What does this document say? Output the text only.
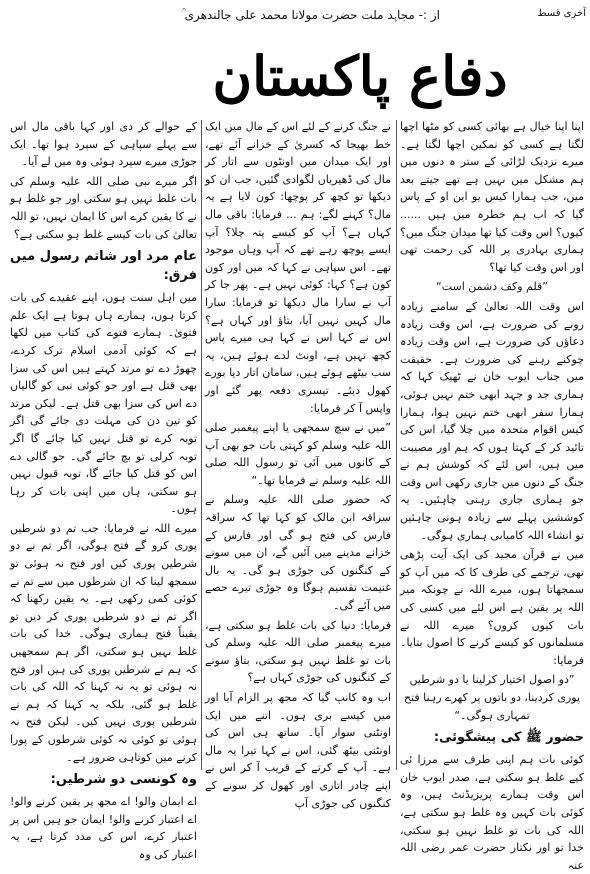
از :- مجاہد ملت حضرت مولانا محمد علی جالندھری ؒ	آخری قسط
دفاع پاکستان

اپنا اپنا خیال ہے بھائی کسی کو مٹھا اچھا لگتا ہے کسی کو نمکین اچھا لگتا ہے۔ میرے نزدیک لڑائی کے ستر ہ دنوں میں ہم مشکل میں نہیں ہے تھے جیتے بعد میں، جب ہمارا کیس یو این او کے پاس گیا کہ اب ہم خطرہ میں ہیں ...... کیوں؟ اس وقت کیا تھا میدان جنگ میں؟ ہماری بہادری پر اللہ کی رحمت تھی اور اس وقت کیا تھا؟

”قلم وکف دشمن است“

اس وقت اللہ تعالیٰ کے سامنے زیادہ رونے کی ضرورت ہے، اس وقت زیادہ دعاؤں کی ضرورت ہے، اس وقت زیادہ چوکنے رہنے کی ضرورت ہے۔ حقیقت میں جناب ایوب خان نے ٹھیک کہا کہ ہماری جد و جہد ابھی ختم نہیں ہوئی، ہمارا سفر ابھی ختم نہیں ہوا، ہمارا کیس اقوام متحدہ میں چلا گیا، اس کی تائید کر کے کہتا ہوں کہ ہم اور مصیبت میں ہیں، اس لئے کہ کوشش ہم نے جنگ کے دنوں میں جاری رکھی اس وقت جو ہماری جاری رہنی چاہئیں۔ یہ کوششیں پہلے سے زیادہ ہونی چاہئیں تو انشاء اللہ کامیابی ہماری ہوگی۔

میں نے قرآن مجید کی ایک آیت پڑھی تھی، ترجمے کی طرف کا کہ میں آپ کو سمجھاتا ہوں، میرے اللہ نے چونکہ میر اللہ پر یقین ہے اس لئے میں کسی کی بات کیوں کروں؟ میرے اللہ نے مسلمانوں کو کیسے کرنے کا اصول بتایا۔ فرمایا:

”دو اصول اختیار کرلینا یا دو شرطیں پوری کردینا، دو باتوں پر کھرے رہنا فتح تمہاری ہوگی۔“

حضور ﷺ کی پیشگوئی:

کوئی بات ہم اپنی طرف سے مرزا ئی کیے غلط ہو سکتی ہے، صدر ایوب خان اس وقت ہمارے پریزیڈنٹ ہیں، وہ کوئی بات کہیں وہ غلط ہو سکتی ہے، اللہ کی بات تو غلط نہیں ہو سکتی، خدا تو اور نکتار حضرت عمر رضی اللہ عنہ

نے جنگ کرنے کے لئے اس کے مال میں ایک خط بھیجا کہ کسریٰ کے خزانے آئے تھے، اور ایک میدان میں اونٹوں سے اتار کر مال کی ڈھیریاں لگوادی گئیں، جب ان کو دیکھا تو کچھ کر پوچھا: کون لایا ہے یہ مال؟ کہنے لگے: ہم ... فرمایا: باقی مال کہاں ہے؟ آپ کو کیسے پتہ چلا؟ آپ ایسے پوچھ رہے تھے کہ آپ وہاں موجود تھے۔ اس سپاہی نے کہا کہ میں اور کون کون ہے؟ کہا: کوئی نہیں ہے۔ پھر جا کر آپ نے سارا مال دیکھا تو فرمایا: سارا مال کہیں نہیں آیا، بتاؤ اور کہاں ہے؟ اس نے کہا اس نے کہا ہی میرے پاس کچھ نہیں ہے، اونٹ لدے ہوئے ہیں، یہ سب بیٹھے ہوئے ہیں، سامان اتار دیا بورے کھول دیئے۔ تیسری دفعہ پھر گئے اور واپس آ کر فرمایا:

”میں نے سچ سمجھی یا اپنے پیغمبر صلی اللہ علیہ وسلم کو کہتی بات جو بھی آپ کے کانوں میں آئی تو رسول اللہ صلی اللہ علیہ وسلم نے فرمایا تھا۔“

کہ حضور صلی اللہ علیہ وسلم نے سراقہ ابن مالک کو کہا تھا کہ سراقہ فارس کی فتح ہو گی اور فارس کے خزانے مدینے میں آئیں گے، ان میں سونے کے کنگنوں کی جوڑی ہو گی۔ یہ بال غنیمت تقسیم ہوگا وہ جوڑی تیرے حصے میں آئے گی۔

فرمایا: دنیا کی بات غلط ہو سکتی ہے، میرے پیغمبر صلی اللہ علیہ وسلم کی بات تو غلط نہیں ہو سکتی، بتاؤ سونے کے کنگنوں کی جوڑی کہاں ہے؟

اب وہ کانپ گیا کہ مجھ پر الزام آیا اور میں کیسے بری ہوں۔ اتنے میں ایک اونٹنی سوار آیا۔ ساتھ ہی اس کی اونٹنی بیٹھ گئی، اس نے کہا تیرا یہ مال ہے۔ آپ کے کرتے کے قریب آ کر اس نے اپنے چادر اتاری اور کھول کر سونے کے کنگنوں کی جوڑی آپ

کے حوالے کر دی اور کہا باقی مال اس سے پہلے سپاہی کے سپرد ہوا تھا۔ ایک جوڑی میرے سپرد ہوئی وہ میں لے آیا۔

اگر میرے نبی صلی اللہ علیہ وسلم کی بات غلط نہیں ہو سکتی اور جو غلط ہو نے کا یقین کرے اس کا ایمان نہیں، تو اللہ تعالیٰ کی بات کیسے غلط ہو سکتی ہے؟

عام مرد اور شاتم رسول میں فرق:

میں اہل سنت ہوں، اپنے عقیدے کی بات کرتا ہوں، ہمارے ہاں ہوتا ہے ایک علم فتویٰ۔ ہمارے فتوے کی کتاب میں لکھا ہے کہ کوئی آدمی اسلام ترک کردے، چھوڑ دے تو مرتد کہتے ہیں اس کی سزا بھی قتل ہے اور جو کوئی نبی کو گالیاں دے اس کی سزا بھی قتل ہے۔ لیکن مرتد کو تین دن کی مہلت دی جائے گی اگر توبہ کرے تو قتل نہیں کیا جائے گا اگر توبہ کرلی تو بچ جائے گی۔ جو گالی دے اس کو قتل کیا جائے گا، توبہ قبول نہیں ہو سکتی، ہاں میں اپنی بات کر رہا ہوں۔

میرے اللہ نے فرمایا: جب تم دو شرطیں پوری کرو گے فتح ہوگی، اگر تم نے دو شرطیں پوری کیں اور فتح نہ ہوئی تو سمجھ لینا کہ ان شرطوں میں سے تم نے کوئی کمی رکھی ہے۔ یہ یقین رکھنا کہ اگر تم نے دو شرطیں پوری کر دیں تو یقیناً فتح ہماری ہوگی۔ خدا کی بات غلط نہیں ہو سکتی، اگر ہم سمجھیں کہ ہم نے شرطیں پوری کی ہیں اور فتح نہ ہوئی تو یہ نہ کہنا کہ اللہ کی بات غلط ہو گئی، بلکہ یہ کہنا کہ ہم نے شرطیں پوری نہیں کیں۔ لیکن فتح نہ ہوئی تو کوئی نہ کوئی شرطوں کے پورا کرنے میں کوتاہی ضرور ہے۔

وہ کونسی دو شرطیں:

اے ایمان والو! اے مجھ پر یقین کرنے والو! اے اعتبار کرنے والو! ایمان جو ہیں اس پر اعتبار کرے، اس کی مدد کرتا ہے، یہ اعتبار کی وہ
